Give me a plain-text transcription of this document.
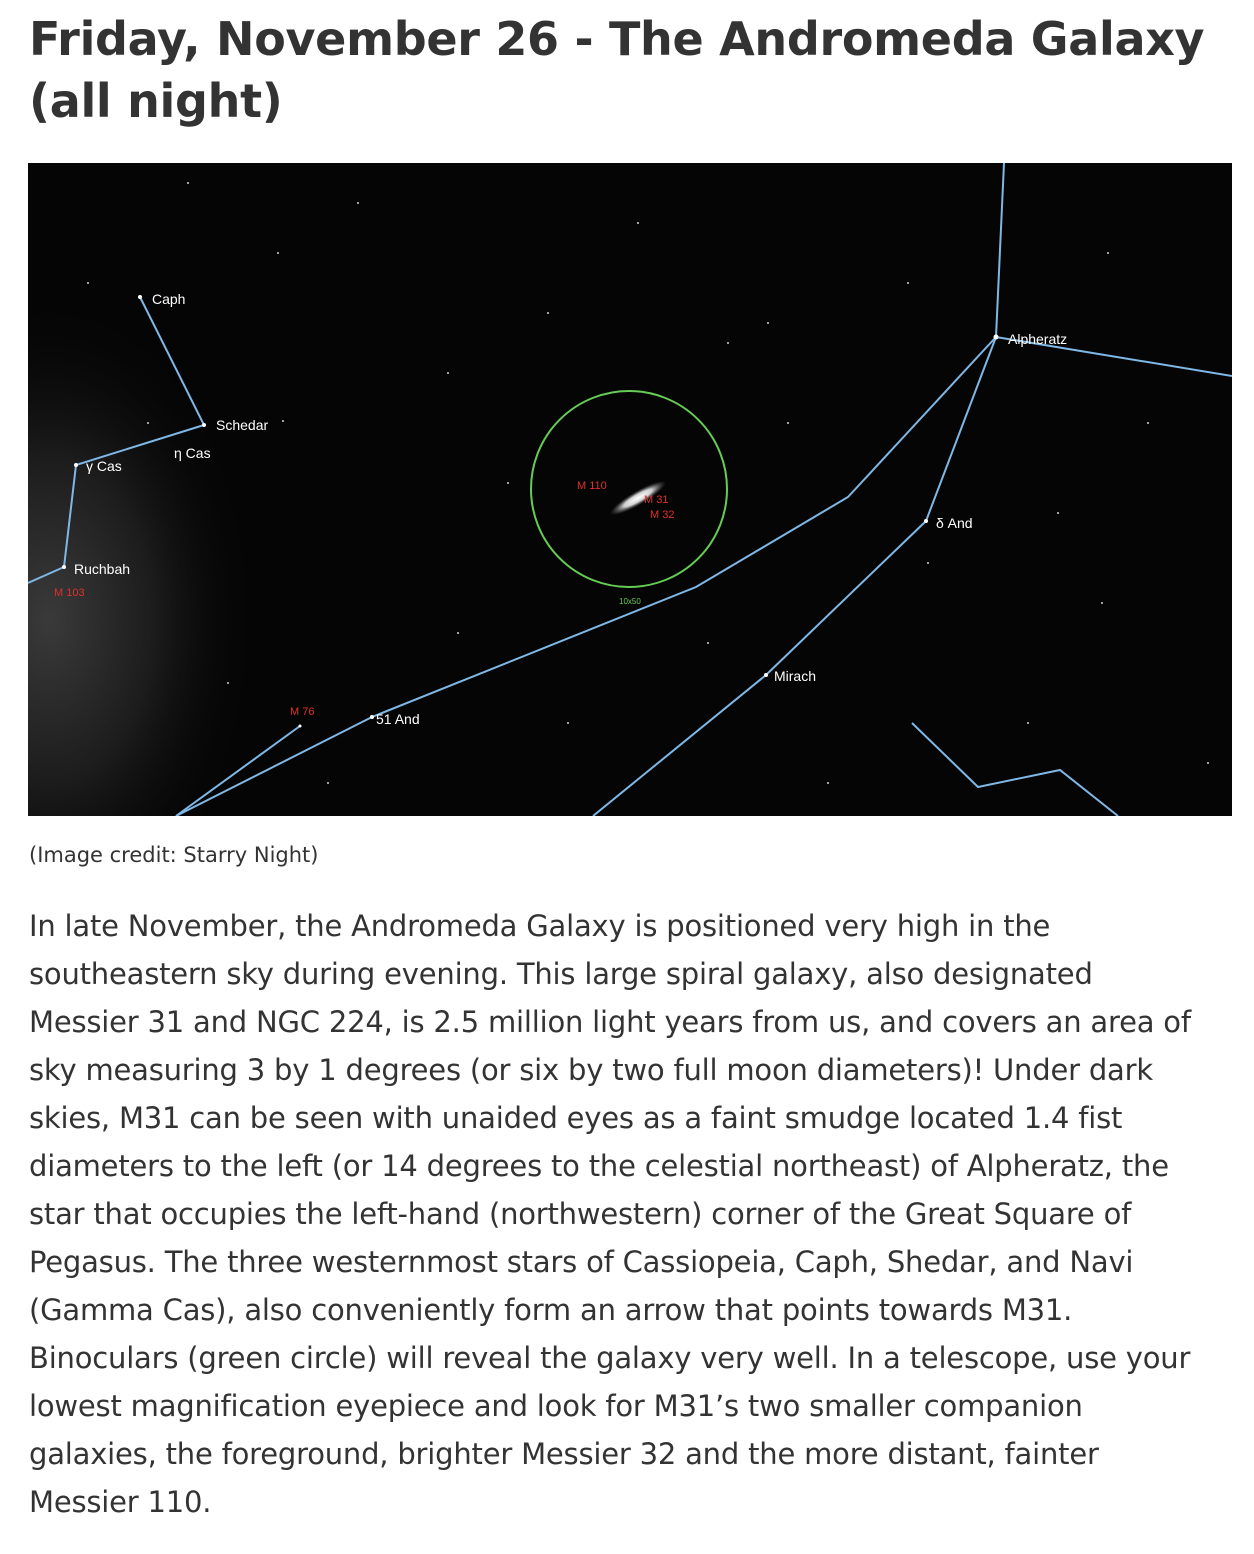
Friday, November 26 - The Andromeda Galaxy (all night)
Caph
Schedar
η Cas
γ Cas
Ruchbah
M 103
Alpheratz
δ And
Mirach
51 And
M 76
M 110
M 31
M 32
10x50
(Image credit: Starry Night)

In late November, the Andromeda Galaxy is positioned very high in the
southeastern sky during evening. This large spiral galaxy, also designated
Messier 31 and NGC 224, is 2.5 million light years from us, and covers an area of
sky measuring 3 by 1 degrees (or six by two full moon diameters)! Under dark
skies, M31 can be seen with unaided eyes as a faint smudge located 1.4 fist
diameters to the left (or 14 degrees to the celestial northeast) of Alpheratz, the
star that occupies the left-hand (northwestern) corner of the Great Square of
Pegasus. The three westernmost stars of Cassiopeia, Caph, Shedar, and Navi
(Gamma Cas), also conveniently form an arrow that points towards M31.
Binoculars (green circle) will reveal the galaxy very well. In a telescope, use your
lowest magnification eyepiece and look for M31’s two smaller companion
galaxies, the foreground, brighter Messier 32 and the more distant, fainter
Messier 110.
